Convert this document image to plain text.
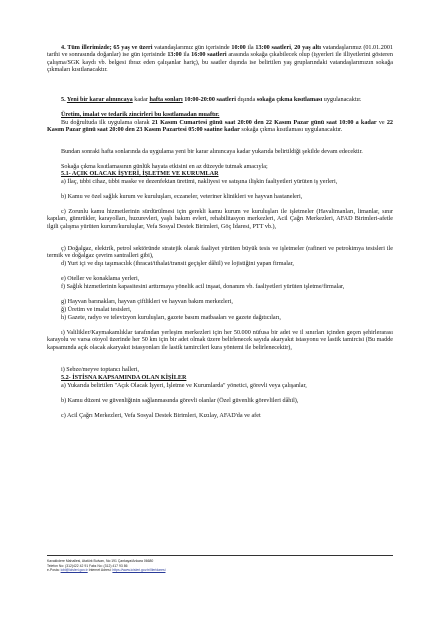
4. Tüm illerimizde; 65 yaş ve üzeri vatandaşlarımız gün içerisinde 10:00 ila 13:00 saatleri, 20 yaş altı vatandaşlarımız (01.01.2001 tarihi ve sonrasında doğanlar) ise gün içerisinde 13:00 ila 16:00 saatleri arasında sokağa çıkabilecek olup (işyerleri ile illiyetlerini gösteren çalışma/SGK kaydı vb. belgesi ibraz eden çalışanlar hariç), bu saatler dışında ise belirtilen yaş gruplarındaki vatandaşlarımızın sokağa çıkmaları kısıtlanacaktır.
5. Yeni bir karar alınıncaya kadar hafta sonları 10:00-20:00 saatleri dışında sokağa çıkma kısıtlaması uygulanacaktır.
Üretim, imalat ve tedarik zincirleri bu kısıtlamadan muaftır.
Bu doğrultuda ilk uygulama olarak 21 Kasım Cumartesi günü saat 20:00 den 22 Kasım Pazar günü saat 10:00 a kadar ve 22 Kasım Pazar günü saat 20:00 den 23 Kasım Pazartesi 05:00 saatine kadar sokağa çıkma kısıtlaması uygulanacaktır.
Bundan sonraki hafta sonlarında da uygulama yeni bir karar alınıncaya kadar yukarıda belirtildiği şekilde devam edecektir.
Sokağa çıkma kısıtlamasının günlük hayata etkisini en az düzeyde tutmak amacıyla;
5.1- AÇIK OLACAK İŞYERİ, İŞLETME VE KURUMLAR
a) İlaç, tıbbi cihaz, tıbbi maske ve dezenfektan üretimi, nakliyesi ve satışına ilişkin faaliyetleri yürüten iş yerleri,
b) Kamu ve özel sağlık kurum ve kuruluşları, eczaneler, veteriner klinikleri ve hayvan hastaneleri,
c) Zorunlu kamu hizmetlerinin sürdürülmesi için gerekli kamu kurum ve kuruluşları ile işletmeler (Havalimanları, limanlar, sınır kapıları, gümrükler, karayolları, huzurevleri, yaşlı bakım evleri, rehabilitasyon merkezleri, Acil Çağrı Merkezleri, AFAD Birimleri-afetle ilgili çalışma yürüten kurum/kuruluşlar, Vefa Sosyal Destek Birimleri, Göç İdaresi, PTT vb.),
ç) Doğalgaz, elektrik, petrol sektöründe stratejik olarak faaliyet yürüten büyük tesis ve işletmeler (rafineri ve petrokimya tesisleri ile termik ve doğalgaz çevrim santralleri gibi),
d) Yurt içi ve dışı taşımacılık (ihracat/ithalat/transit geçişler dâhil) ve lojistiğini yapan firmalar,
e) Oteller ve konaklama yerleri,
f) Sağlık hizmetlerinin kapasitesini arttırmaya yönelik acil inşaat, donanım vb. faaliyetleri yürüten işletme/firmalar,
g) Hayvan barınakları, hayvan çiftlikleri ve hayvan bakım merkezleri,
ğ) Üretim ve imalat tesisleri,
h) Gazete, radyo ve televizyon kuruluşları, gazete basım matbaaları ve gazete dağıtıcıları,
ı) Valilikler/Kaymakamlıklar tarafından yerleşim merkezleri için her 50.000 nüfusa bir adet ve il sınırları içinden geçen şehirlerarası karayolu ve varsa otoyol üzerinde her 50 km için bir adet olmak üzere belirlenecek sayıda akaryakıt istasyonu ve lastik tamircisi (Bu madde kapsamında açık olacak akaryakıt istasyonları ile lastik tamircileri kura yöntemi ile belirlenecektir),
i) Sebze/meyve toptancı halleri,
5.2- İSTİSNA KAPSAMINDA OLAN KİŞİLER
a) Yukarıda belirtilen "Açık Olacak İşyeri, İşletme ve Kurumlarda" yönetici, görevli veya çalışanlar,
b) Kamu düzeni ve güvenliğinin sağlanmasında görevli olanlar (Özel güvenlik görevlileri dâhil),
c) Acil Çağrı Merkezleri, Vefa Sosyal Destek Birimleri, Kızılay, AFAD'da ve afet
Kavaklıdere Mahallesi, Atatürk Bulvarı, No:191 Çankaya/Ankara 06680
Telefon No: (312)422 42 91 Faks No: (312) 417 93 86
e-Posta: icbl@icisleri.gov.tr İnternet Adresi: https://www.icisleri.gov.tr/illeridaresi
